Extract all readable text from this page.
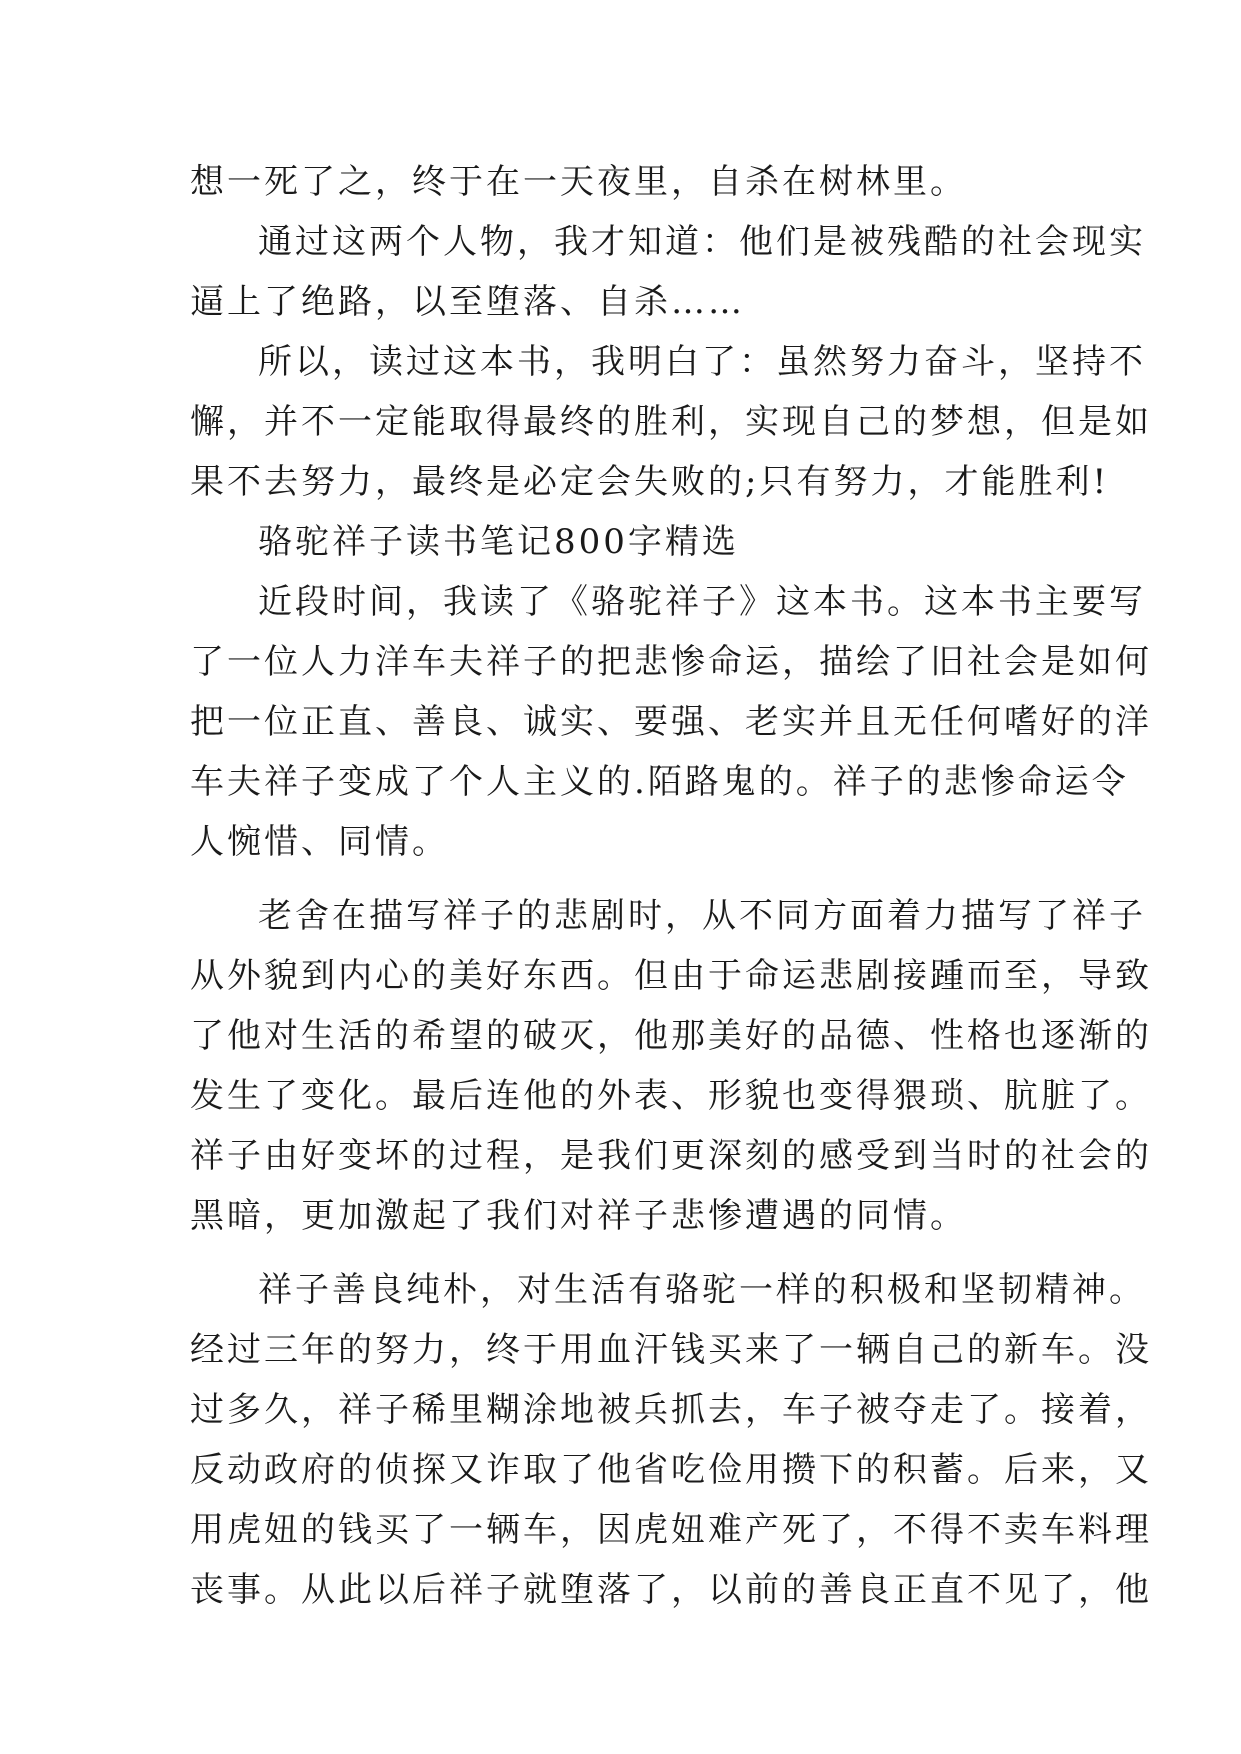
想一死了之，终于在一天夜里，自杀在树林里。
通过这两个人物，我才知道：他们是被残酷的社会现实
逼上了绝路，以至堕落、自杀……
所以，读过这本书，我明白了：虽然努力奋斗，坚持不
懈，并不一定能取得最终的胜利，实现自己的梦想，但是如
果不去努力，最终是必定会失败的;只有努力，才能胜利!
骆驼祥子读书笔记800字精选
近段时间，我读了《骆驼祥子》这本书。这本书主要写
了一位人力洋车夫祥子的把悲惨命运，描绘了旧社会是如何
把一位正直、善良、诚实、要强、老实并且无任何嗜好的洋
车夫祥子变成了个人主义的.陌路鬼的。祥子的悲惨命运令
人惋惜、同情。
老舍在描写祥子的悲剧时，从不同方面着力描写了祥子
从外貌到内心的美好东西。但由于命运悲剧接踵而至，导致
了他对生活的希望的破灭，他那美好的品德、性格也逐渐的
发生了变化。最后连他的外表、形貌也变得猥琐、肮脏了。
祥子由好变坏的过程，是我们更深刻的感受到当时的社会的
黑暗，更加激起了我们对祥子悲惨遭遇的同情。
祥子善良纯朴，对生活有骆驼一样的积极和坚韧精神。
经过三年的努力，终于用血汗钱买来了一辆自己的新车。没
过多久，祥子稀里糊涂地被兵抓去，车子被夺走了。接着，
反动政府的侦探又诈取了他省吃俭用攒下的积蓄。后来，又
用虎妞的钱买了一辆车，因虎妞难产死了，不得不卖车料理
丧事。从此以后祥子就堕落了，以前的善良正直不见了，他
